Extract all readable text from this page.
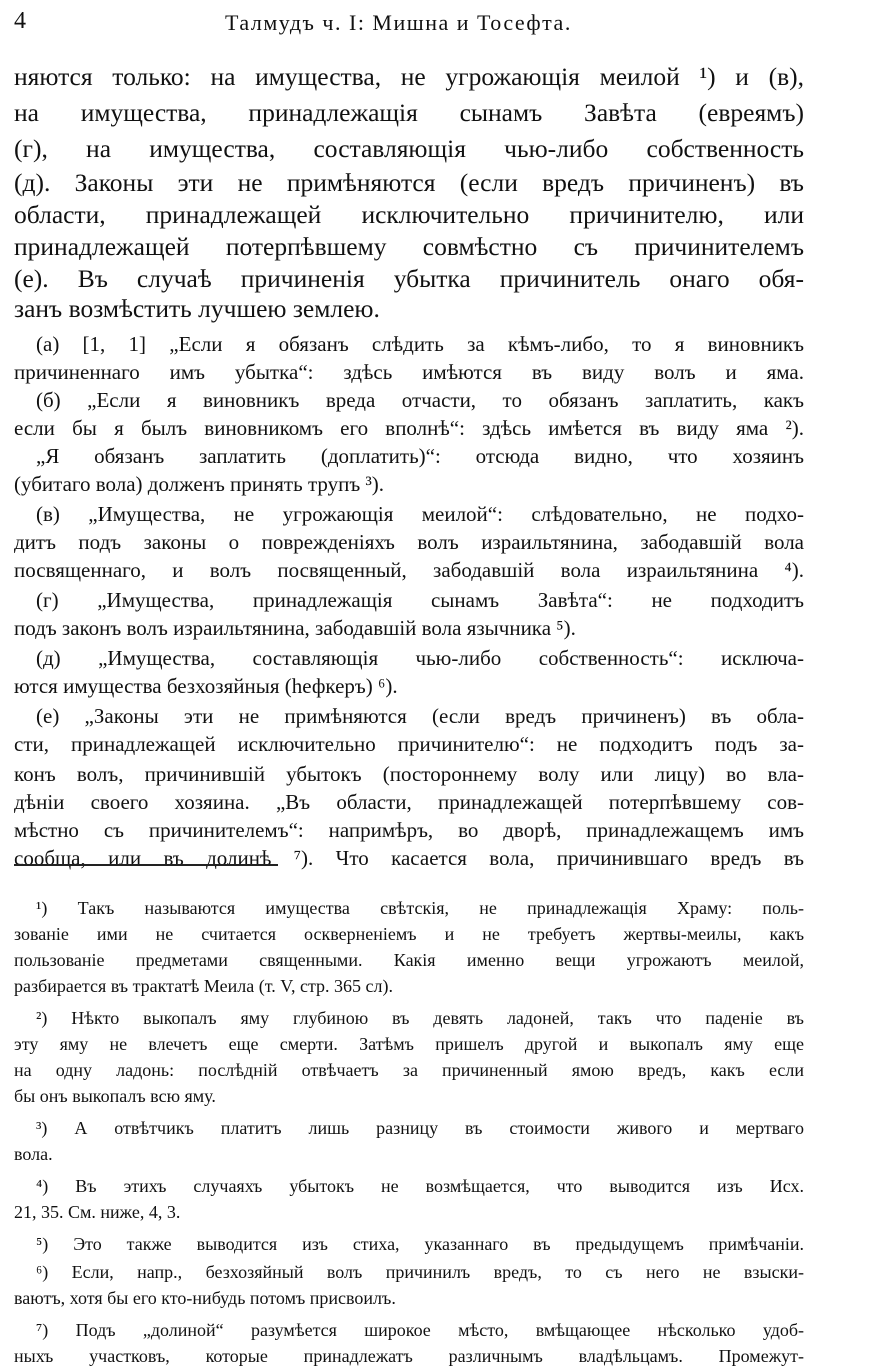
4	Талмудъ ч. I: Мишна и Тосефта.
няются только: на имущества, не угрожающія меилой ¹) и (в),
на имущества, принадлежащія сынамъ Завѣта (евреямъ)
(г), на имущества, составляющія чью-либо собственность
(д). Законы эти не примѣняются (если вредъ причиненъ) въ
области, принадлежащей исключительно причинителю, или
принадлежащей потерпѣвшему совмѣстно съ причинителемъ
(е). Въ случаѣ причиненія убытка причинитель онаго обя-
занъ возмѣстить лучшею землею.
(а) [1, 1] „Если я обязанъ слѣдить за кѣмъ-либо, то я виновникъ
причиненнаго имъ убытка“: здѣсь имѣются въ виду волъ и яма.
(б) „Если я виновникъ вреда отчасти, то обязанъ заплатить, какъ
если бы я былъ виновникомъ его вполнѣ“: здѣсь имѣется въ виду яма ²).
„Я обязанъ заплатить (доплатить)“: отсюда видно, что хозяинъ
(убитаго вола) долженъ принять трупъ ³).
(в) „Имущества, не угрожающія меилой“: слѣдовательно, не подхо-
дитъ подъ законы о поврежденіяхъ волъ израильтянина, забодавшій вола
посвященнаго, и волъ посвященный, забодавшій вола израильтянина ⁴).
(г) „Имущества, принадлежащія сынамъ Завѣта“: не подходитъ
подъ законъ волъ израильтянина, забодавшій вола язычника ⁵).
(д) „Имущества, составляющія чью-либо собственность“: исключа-
ются имущества безхозяйныя (hефкеръ) ⁶).
(е) „Законы эти не примѣняются (если вредъ причиненъ) въ обла-
сти, принадлежащей исключительно причинителю“: не подходитъ подъ за-
конъ волъ, причинившій убытокъ (постороннему волу или лицу) во вла-
дѣніи своего хозяина. „Въ области, принадлежащей потерпѣвшему сов-
мѣстно съ причинителемъ“: напримѣръ, во дворѣ, принадлежащемъ имъ
сообща, или въ долинѣ ⁷). Что касается вола, причинившаго вредъ въ
¹) Такъ называются имущества свѣтскія, не принадлежащія Храму: поль-
зованіе ими не считается оскверненіемъ и не требуетъ жертвы-меилы, какъ
пользованіе предметами священными. Какія именно вещи угрожаютъ меилой,
разбирается въ трактатѣ Меила (т. V, стр. 365 сл).
²) Нѣкто выкопалъ яму глубиною въ девять ладоней, такъ что паденіе въ
эту яму не влечетъ еще смерти. Затѣмъ пришелъ другой и выкопалъ яму еще
на одну ладонь: послѣдній отвѣчаетъ за причиненный ямою вредъ, какъ если
бы онъ выкопалъ всю яму.
³) А отвѣтчикъ платитъ лишь разницу въ стоимости живого и мертваго
вола.
⁴) Въ этихъ случаяхъ убытокъ не возмѣщается, что выводится изъ Исх.
21, 35. См. ниже, 4, 3.
⁵) Это также выводится изъ стиха, указаннаго въ предыдущемъ примѣчаніи.
⁶) Если, напр., безхозяйный волъ причинилъ вредъ, то съ него не взыски-
ваютъ, хотя бы его кто-нибудь потомъ присвоилъ.
⁷) Подъ „долиной“ разумѣется широкое мѣсто, вмѣщающее нѣсколько удоб-
ныхъ участковъ, которые принадлежатъ различнымъ владѣльцамъ. Промежут-
